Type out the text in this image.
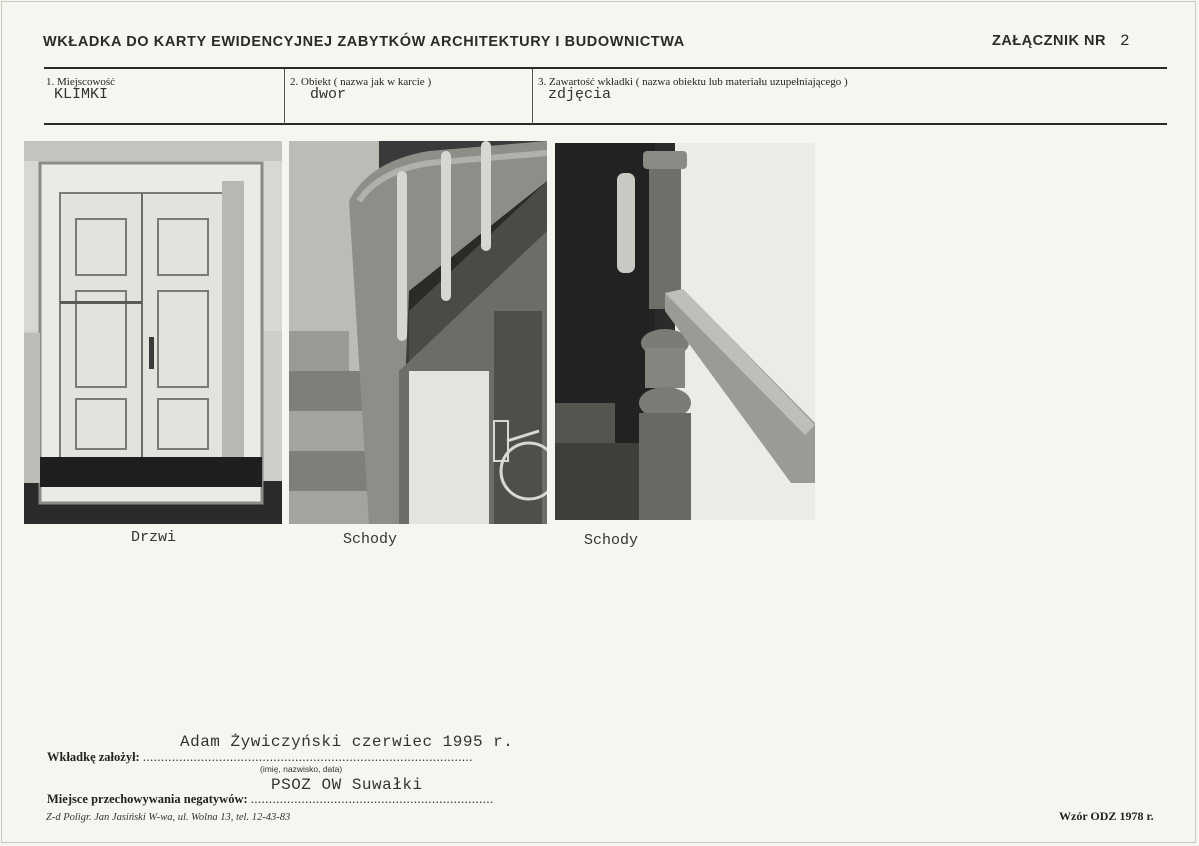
WKŁADKA DO KARTY EWIDENCYJNEJ ZABYTKÓW ARCHITEKTURY I BUDOWNICTWA	ZAŁĄCZNIK NR 2
1. Miejscowość
KLIMKI
2. Obiekt ( nazwa jak w karcie )
dwor
3. Zawartość wkładki ( nazwa obiektu lub materiału uzupełniającego )
zdjęcia
Drzwi	Schody	Schody
Adam Żywiczyński czerwiec 1995 r.
Wkładkę założył: ...........................................................................................
(imię, nazwisko, data)
PSOZ OW Suwałki
Miejsce przechowywania negatywów: ...................................................................
Z-d Poligr. Jan Jasiński W-wa, ul. Wolna 13, tel. 12-43-83	Wzór ODZ 1978 r.
